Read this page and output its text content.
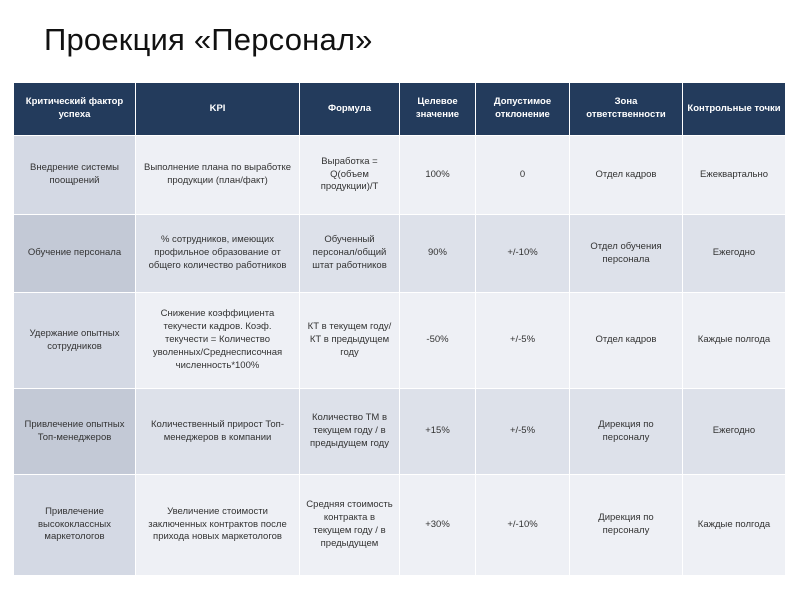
Проекция «Персонал»
Критический фактор успеха	KPI	Формула	Целевое значение	Допустимое отклонение	Зона ответственности	Контрольные точки
Внедрение системы поощрений	Выполнение плана по выработке продукции (план/факт)	Выработка = Q(объем продукции)/T	100%	0	Отдел кадров	Ежеквартально
Обучение персонала	% сотрудников, имеющих профильное образование от общего количество работников	Обученный персонал/общий штат работников	90%	+/-10%	Отдел обучения персонала	Ежегодно
Удержание опытных сотрудников	Снижение коэффициента текучести кадров. Коэф. текучести = Количество уволенных/Среднесписочная численность*100%	КТ в текущем году/КТ в предыдущем году	-50%	+/-5%	Отдел кадров	Каждые полгода
Привлечение опытных Топ-менеджеров	Количественный прирост Топ-менеджеров в компании	Количество ТМ в текущем году / в предыдущем году	+15%	+/-5%	Дирекция по персоналу	Ежегодно
Привлечение высококлассных маркетологов	Увеличение стоимости заключенных контрактов после прихода новых маркетологов	Средняя стоимость контракта в текущем году / в предыдущем	+30%	+/-10%	Дирекция по персоналу	Каждые полгода
